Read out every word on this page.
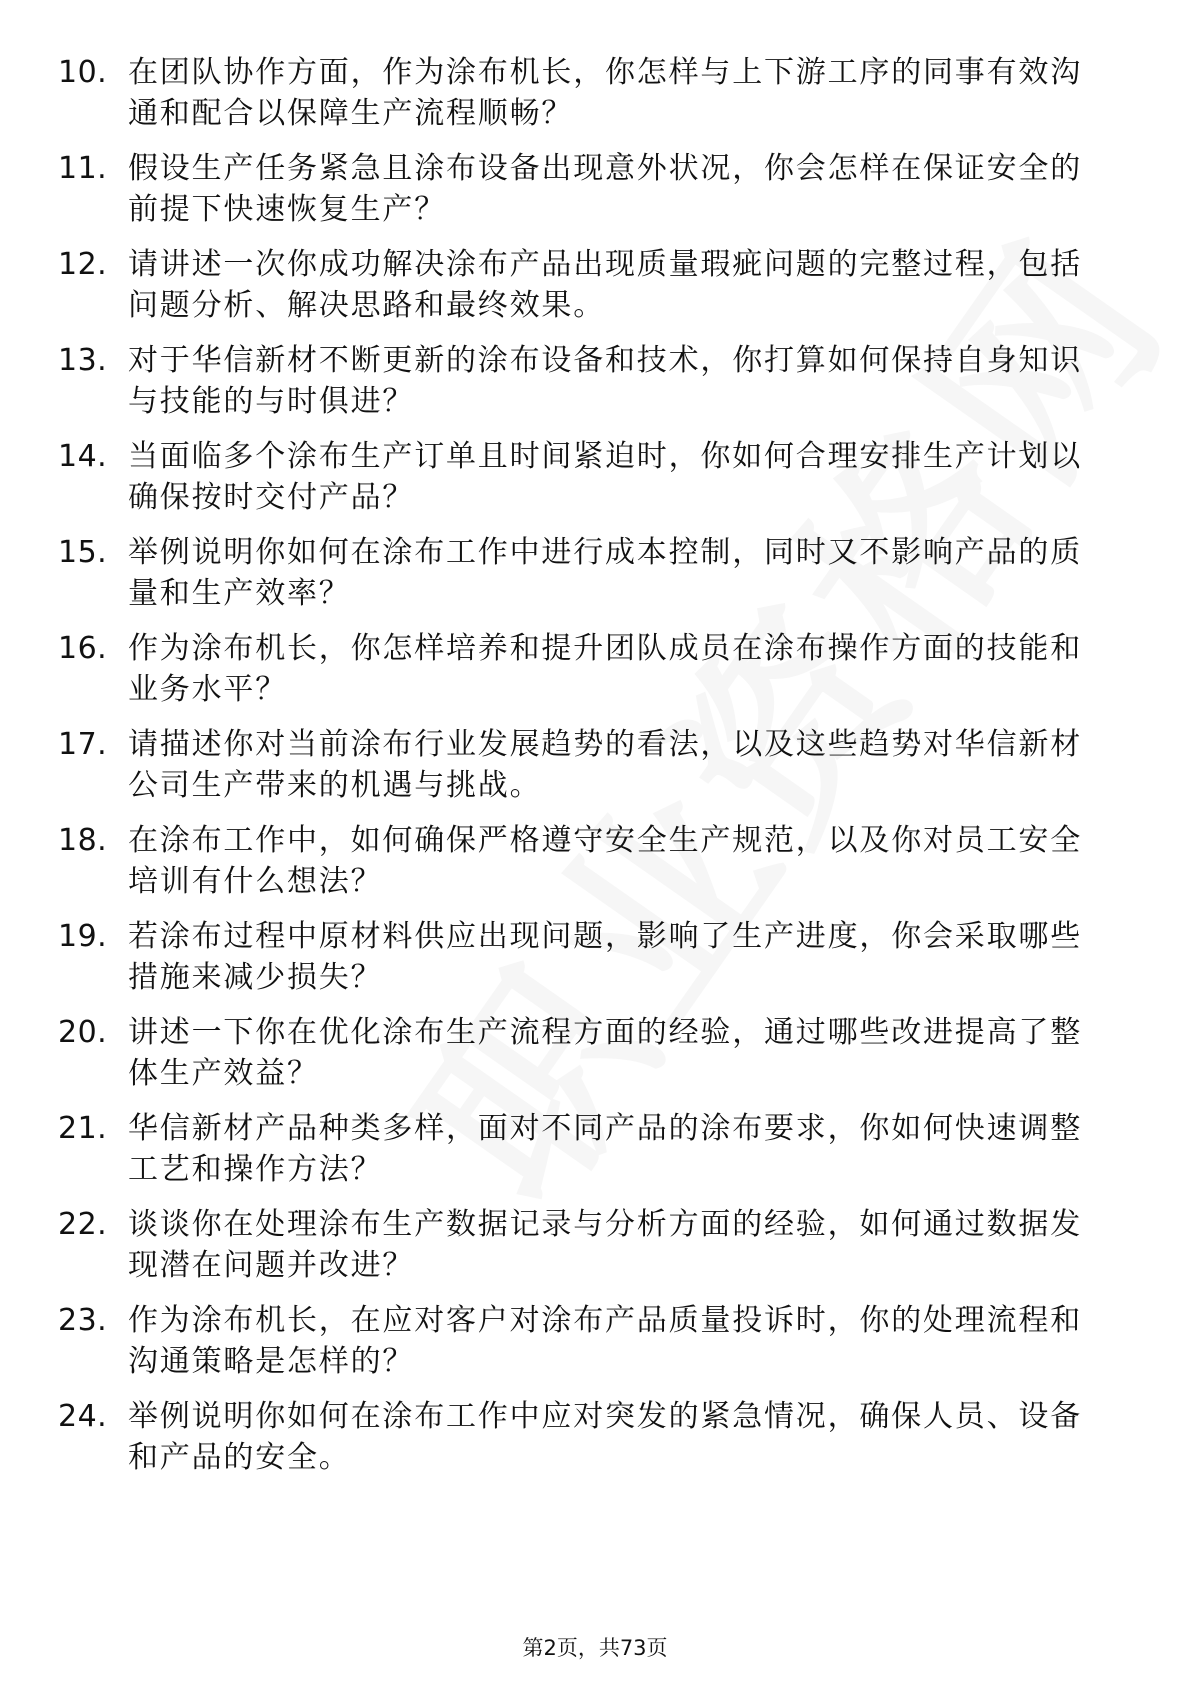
10. 在团队协作方面，作为涂布机长，你怎样与上下游工序的同事有效沟通和配合以保障生产流程顺畅？
11. 假设生产任务紧急且涂布设备出现意外状况，你会怎样在保证安全的前提下快速恢复生产？
12. 请讲述一次你成功解决涂布产品出现质量瑕疵问题的完整过程，包括问题分析、解决思路和最终效果。
13. 对于华信新材不断更新的涂布设备和技术，你打算如何保持自身知识与技能的与时俱进？
14. 当面临多个涂布生产订单且时间紧迫时，你如何合理安排生产计划以确保按时交付产品？
15. 举例说明你如何在涂布工作中进行成本控制，同时又不影响产品的质量和生产效率？
16. 作为涂布机长，你怎样培养和提升团队成员在涂布操作方面的技能和业务水平？
17. 请描述你对当前涂布行业发展趋势的看法，以及这些趋势对华信新材公司生产带来的机遇与挑战。
18. 在涂布工作中，如何确保严格遵守安全生产规范，以及你对员工安全培训有什么想法？
19. 若涂布过程中原材料供应出现问题，影响了生产进度，你会采取哪些措施来减少损失？
20. 讲述一下你在优化涂布生产流程方面的经验，通过哪些改进提高了整体生产效益？
21. 华信新材产品种类多样，面对不同产品的涂布要求，你如何快速调整工艺和操作方法？
22. 谈谈你在处理涂布生产数据记录与分析方面的经验，如何通过数据发现潜在问题并改进？
23. 作为涂布机长，在应对客户对涂布产品质量投诉时，你的处理流程和沟通策略是怎样的？
24. 举例说明你如何在涂布工作中应对突发的紧急情况，确保人员、设备和产品的安全。
第2页，共73页
